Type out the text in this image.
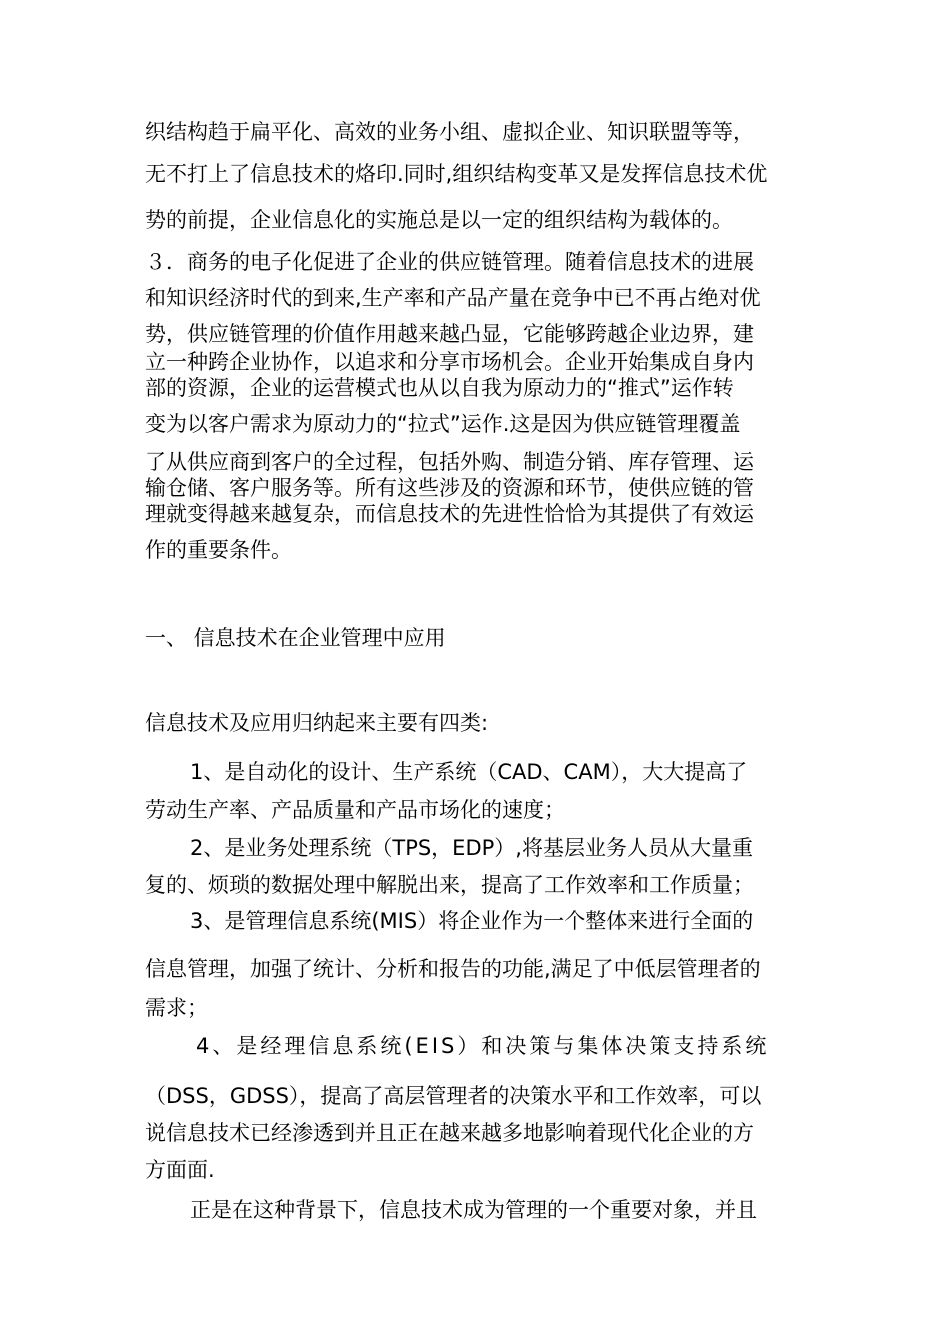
织结构趋于扁平化、高效的业务小组、虚拟企业、知识联盟等等，
无不打上了信息技术的烙印.同时,组织结构变革又是发挥信息技术优
势的前提，企业信息化的实施总是以一定的组织结构为载体的。
３．商务的电子化促进了企业的供应链管理。随着信息技术的进展
和知识经济时代的到来,生产率和产品产量在竞争中已不再占绝对优
势，供应链管理的价值作用越来越凸显，它能够跨越企业边界，建
立一种跨企业协作，以追求和分享市场机会。企业开始集成自身内
部的资源，企业的运营模式也从以自我为原动力的“推式”运作转
变为以客户需求为原动力的“拉式”运作.这是因为供应链管理覆盖
了从供应商到客户的全过程，包括外购、制造分销、库存管理、运
输仓储、客户服务等。所有这些涉及的资源和环节，使供应链的管
理就变得越来越复杂，而信息技术的先进性恰恰为其提供了有效运
作的重要条件。
一、 信息技术在企业管理中应用
信息技术及应用归纳起来主要有四类:
1、是自动化的设计、生产系统（CAD、CAM），大大提高了
劳动生产率、产品质量和产品市场化的速度；
2、是业务处理系统（TPS，EDP）,将基层业务人员从大量重
复的、烦琐的数据处理中解脱出来，提高了工作效率和工作质量；
3、是管理信息系统(MIS）将企业作为一个整体来进行全面的
信息管理，加强了统计、分析和报告的功能,满足了中低层管理者的
需求；
4、是经理信息系统(EIS）和决策与集体决策支持系统
（DSS，GDSS），提高了高层管理者的决策水平和工作效率，可以
说信息技术已经渗透到并且正在越来越多地影响着现代化企业的方
方面面.
正是在这种背景下，信息技术成为管理的一个重要对象，并且
